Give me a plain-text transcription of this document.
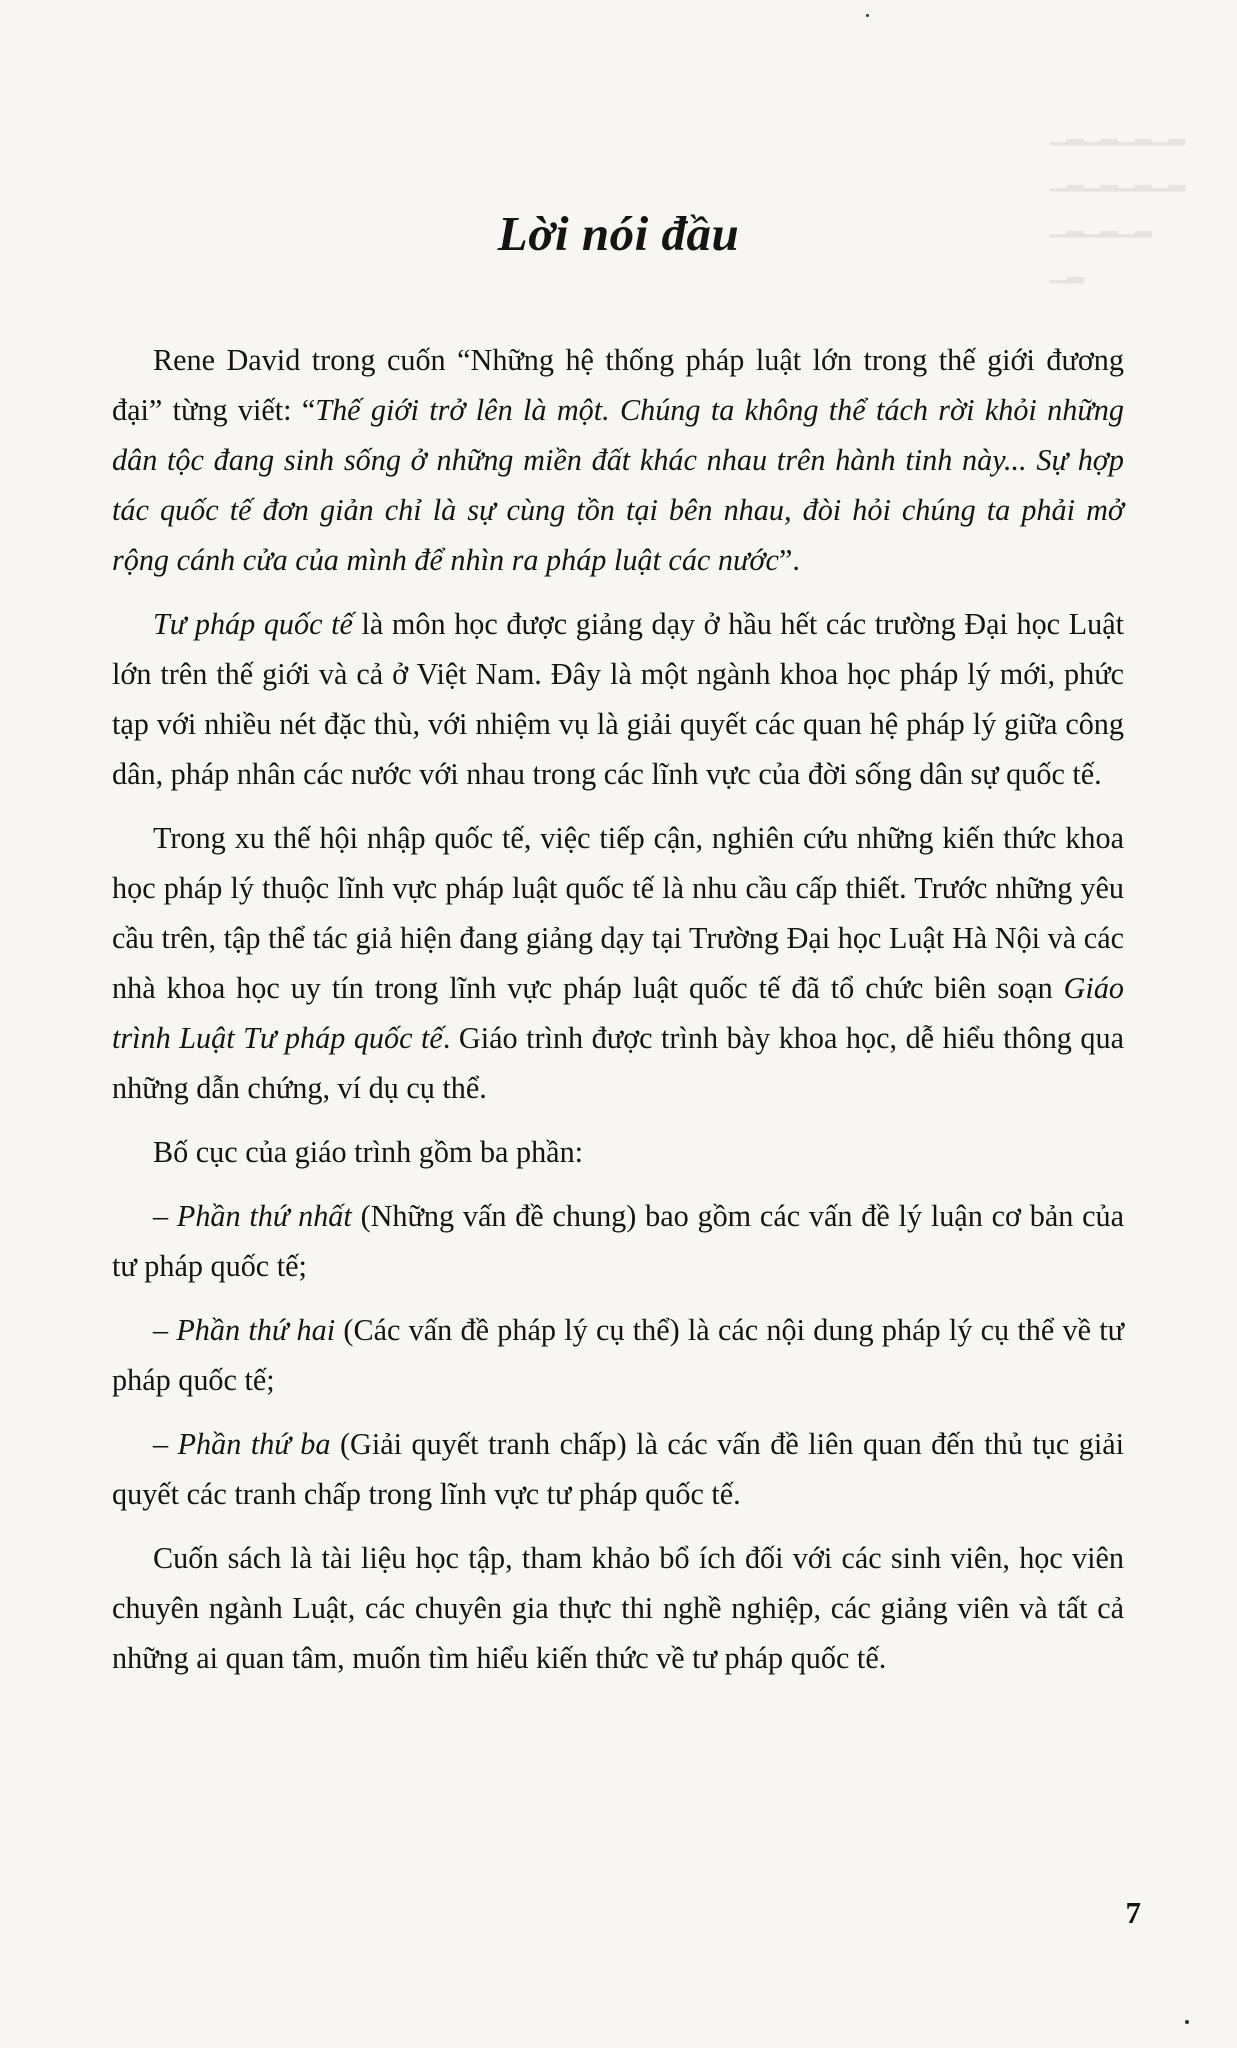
▁▂▁▂▁▂▁▂
▁▂▁▂▁▂▁▂
▁▂▁▂▁▂
▁▂
Lời nói đầu

Rene David trong cuốn “Những hệ thống pháp luật lớn trong thế giới đương đại” từng viết: “Thế giới trở lên là một. Chúng ta không thể tách rời khỏi những dân tộc đang sinh sống ở những miền đất khác nhau trên hành tinh này... Sự hợp tác quốc tế đơn giản chỉ là sự cùng tồn tại bên nhau, đòi hỏi chúng ta phải mở rộng cánh cửa của mình để nhìn ra pháp luật các nước”.

Tư pháp quốc tế là môn học được giảng dạy ở hầu hết các trường Đại học Luật lớn trên thế giới và cả ở Việt Nam. Đây là một ngành khoa học pháp lý mới, phức tạp với nhiều nét đặc thù, với nhiệm vụ là giải quyết các quan hệ pháp lý giữa công dân, pháp nhân các nước với nhau trong các lĩnh vực của đời sống dân sự quốc tế.

Trong xu thế hội nhập quốc tế, việc tiếp cận, nghiên cứu những kiến thức khoa học pháp lý thuộc lĩnh vực pháp luật quốc tế là nhu cầu cấp thiết. Trước những yêu cầu trên, tập thể tác giả hiện đang giảng dạy tại Trường Đại học Luật Hà Nội và các nhà khoa học uy tín trong lĩnh vực pháp luật quốc tế đã tổ chức biên soạn Giáo trình Luật Tư pháp quốc tế. Giáo trình được trình bày khoa học, dễ hiểu thông qua những dẫn chứng, ví dụ cụ thể.

Bố cục của giáo trình gồm ba phần:

– Phần thứ nhất (Những vấn đề chung) bao gồm các vấn đề lý luận cơ bản của tư pháp quốc tế;

– Phần thứ hai (Các vấn đề pháp lý cụ thể) là các nội dung pháp lý cụ thể về tư pháp quốc tế;

– Phần thứ ba (Giải quyết tranh chấp) là các vấn đề liên quan đến thủ tục giải quyết các tranh chấp trong lĩnh vực tư pháp quốc tế.

Cuốn sách là tài liệu học tập, tham khảo bổ ích đối với các sinh viên, học viên chuyên ngành Luật, các chuyên gia thực thi nghề nghiệp, các giảng viên và tất cả những ai quan tâm, muốn tìm hiểu kiến thức về tư pháp quốc tế.

7
